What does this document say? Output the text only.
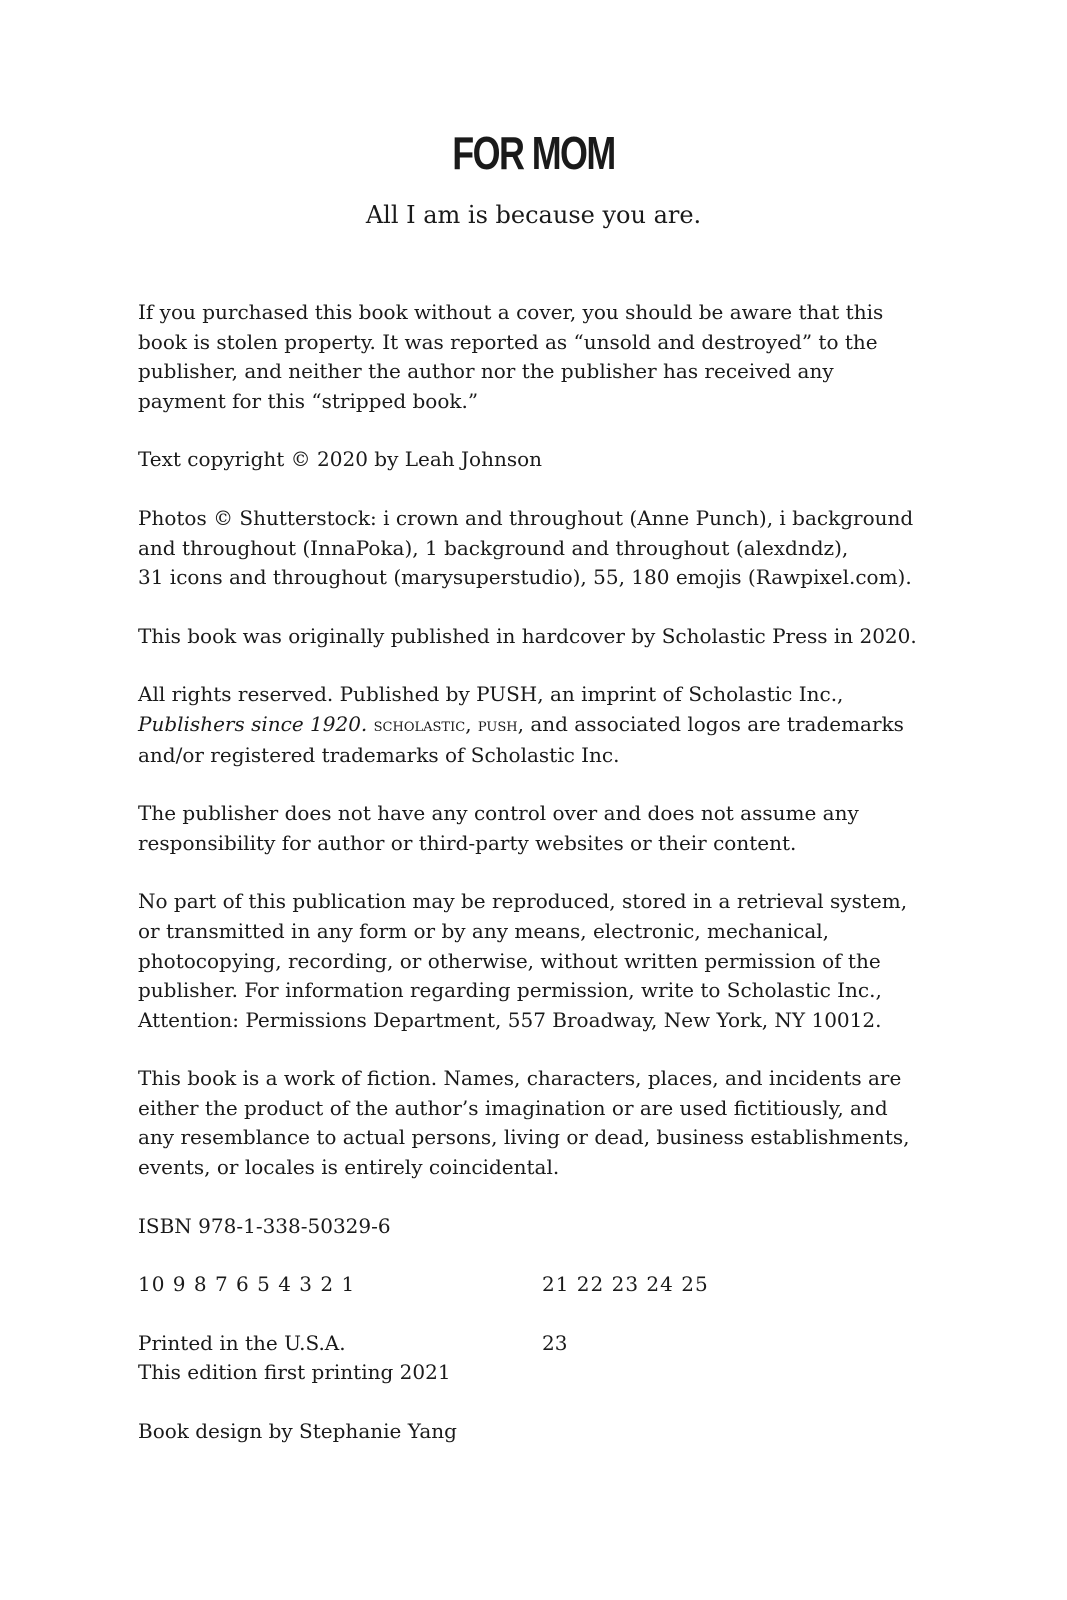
FOR MOM

All I am is because you are.

If you purchased this book without a cover, you should be aware that this
book is stolen property. It was reported as “unsold and destroyed” to the
publisher, and neither the author nor the publisher has received any
payment for this “stripped book.”

Text copyright © 2020 by Leah Johnson

Photos © Shutterstock: i crown and throughout (Anne Punch), i background
and throughout (InnaPoka), 1 background and throughout (alexdndz),
31 icons and throughout (marysuperstudio), 55, 180 emojis (Rawpixel.com).

This book was originally published in hardcover by Scholastic Press in 2020.

All rights reserved. Published by PUSH, an imprint of Scholastic Inc.,
Publishers since 1920. scholastic, push, and associated logos are trademarks
and/or registered trademarks of Scholastic Inc.

The publisher does not have any control over and does not assume any
responsibility for author or third-party websites or their content.

No part of this publication may be reproduced, stored in a retrieval system,
or transmitted in any form or by any means, electronic, mechanical,
photocopying, recording, or otherwise, without written permission of the
publisher. For information regarding permission, write to Scholastic Inc.,
Attention: Permissions Department, 557 Broadway, New York, NY 10012.

This book is a work of fiction. Names, characters, places, and incidents are
either the product of the author’s imagination or are used fictitiously, and
any resemblance to actual persons, living or dead, business establishments,
events, or locales is entirely coincidental.

ISBN 978-1-338-50329-6

10 9 8 7 6 5 4 3 2 1	21 22 23 24 25
Printed in the U.S.A.	23
This edition first printing 2021

Book design by Stephanie Yang
